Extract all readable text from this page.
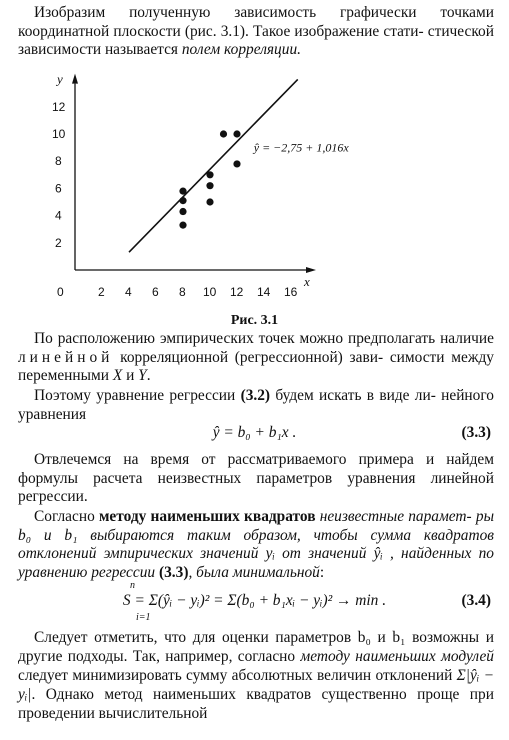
Изобразим полученную зависимость графически точками координатной плоскости (рис. 3.1). Такое изображение стати- стической зависимости называется полем корреляции.

x
y
0	2 4 6 8 10 12 14 16
2
4
6
8
10
12
ŷ = −2,75 + 1,016x
Рис. 3.1

По расположению эмпирических точек можно предполагать наличие линейной корреляционной (регрессионной) зави- симости между переменными X и Y.

Поэтому уравнение регрессии (3.2) будем искать в виде ли- нейного уравнения

ŷ = b₀ + b₁x .	(3.3)

Отвлечемся на время от рассматриваемого примера и найдем формулы расчета неизвестных параметров уравнения линейной регрессии.

Согласно методу наименьших квадратов неизвестные парамет- ры b₀ и b₁ выбираются таким образом, чтобы сумма квадратов отклонений эмпирических значений yᵢ от значений ŷᵢ , найденных по уравнению регрессии (3.3), была минимальной:

n
i=1
S = Σ(ŷᵢ − yᵢ)² = Σ(b₀ + b₁xᵢ − yᵢ)² → min .	(3.4)

Следует отметить, что для оценки параметров b₀ и b₁ возможны и другие подходы. Так, например, согласно методу наименьших модулей следует минимизировать сумму абсолютных величин отклонений Σ|ŷᵢ − yᵢ|. Однако метод наименьших квадратов существенно проще при проведении вычислительной
